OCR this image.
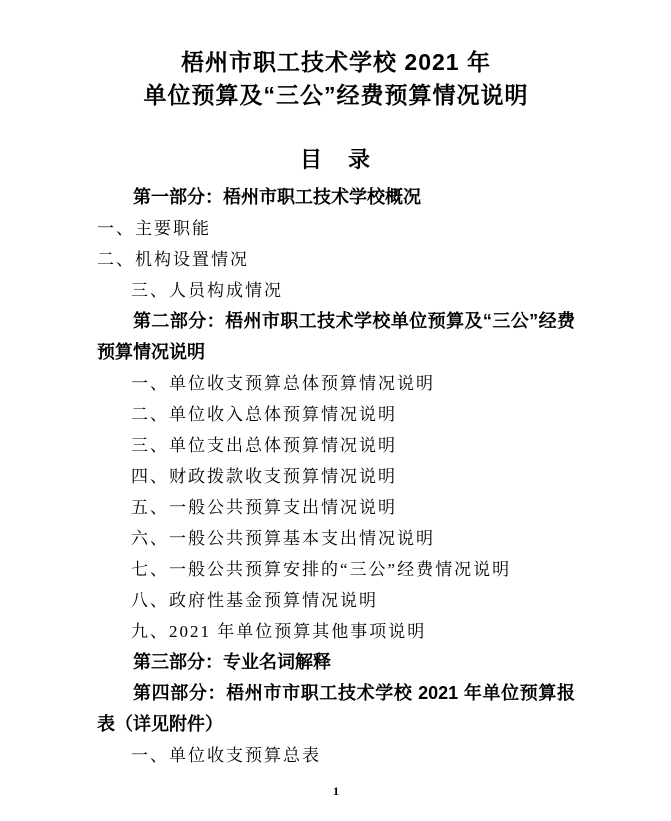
梧州市职工技术学校 2021 年
单位预算及“三公”经费预算情况说明
目　录

第一部分：梧州市职工技术学校概况

一、主要职能

二、机构设置情况

三、人员构成情况

第二部分：梧州市职工技术学校单位预算及“三公”经费预算情况说明

一、单位收支预算总体预算情况说明

二、单位收入总体预算情况说明

三、单位支出总体预算情况说明

四、财政拨款收支预算情况说明

五、一般公共预算支出情况说明

六、一般公共预算基本支出情况说明

七、一般公共预算安排的“三公”经费情况说明

八、政府性基金预算情况说明

九、2021 年单位预算其他事项说明

第三部分：专业名词解释

第四部分：梧州市市职工技术学校 2021 年单位预算报表（详见附件）

一、单位收支预算总表

1
